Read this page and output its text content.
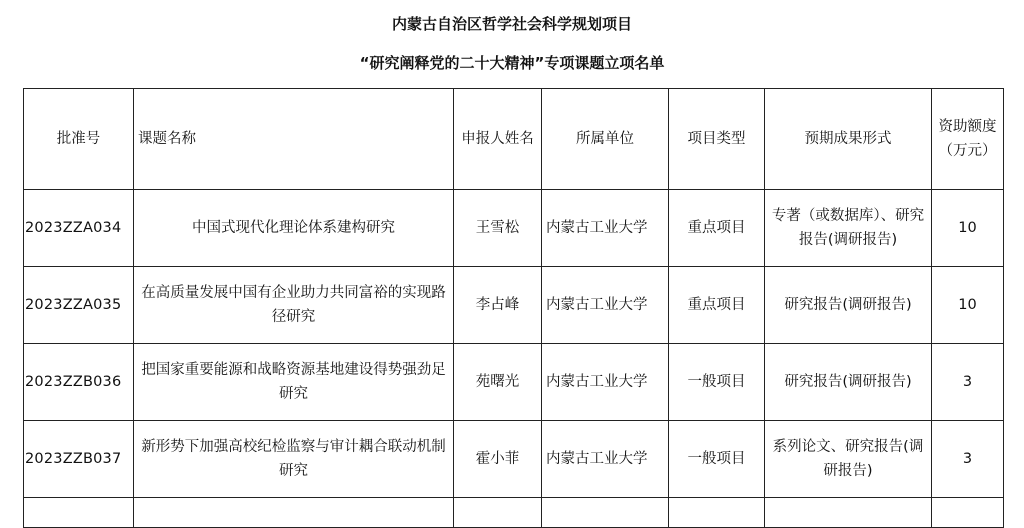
内蒙古自治区哲学社会科学规划项目
“研究阐释党的二十大精神”专项课题立项名单
批准号	课题名称	申报人姓名	所属单位	项目类型	预期成果形式	资助额度（万元）
2023ZZA034	中国式现代化理论体系建构研究	王雪松	内蒙古工业大学	重点项目	专著（或数据库）、研究报告(调研报告)	10
2023ZZA035	在高质量发展中国有企业助力共同富裕的实现路径研究	李占峰	内蒙古工业大学	重点项目	研究报告(调研报告)	10
2023ZZB036	把国家重要能源和战略资源基地建设得势强劲足研究	苑曙光	内蒙古工业大学	一般项目	研究报告(调研报告)	3
2023ZZB037	新形势下加强高校纪检监察与审计耦合联动机制研究	霍小菲	内蒙古工业大学	一般项目	系列论文、研究报告(调研报告)	3
